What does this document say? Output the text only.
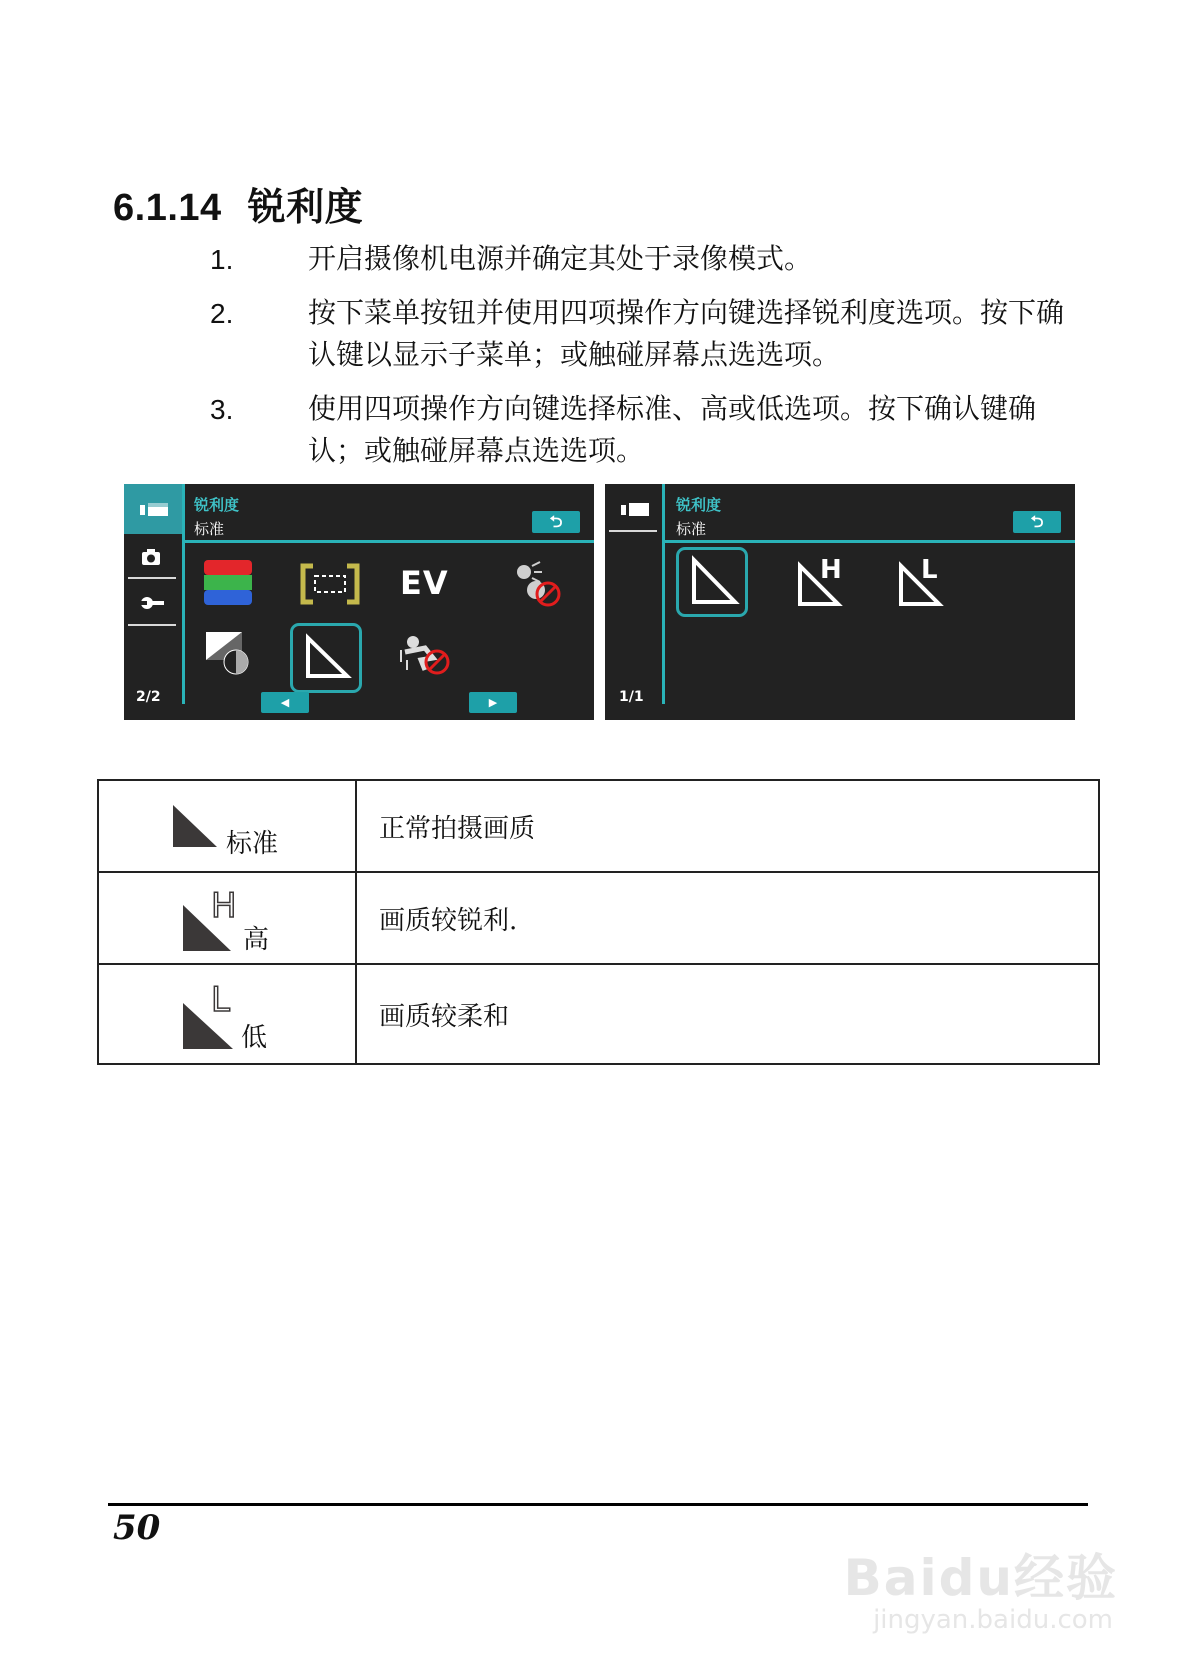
6.1.14 锐利度
1.	开启摄像机电源并确定其处于录像模式。
2.	按下菜单按钮并使用四项操作方向键选择锐利度选项。按下确认键以显示子菜单；或触碰屏幕点选选项。
3.	使用四项操作方向键选择标准、高或低选项。按下确认键确认；或触碰屏幕点选选项。
2/2
锐利度
标准	⮌
EV
◀	▶	1/1
锐利度
标准	⮌
H	L
标准	正常拍摄画质

H
高	画质较锐利.

L
低	画质较柔和
50
Baidu经验
jingyan.baidu.com
